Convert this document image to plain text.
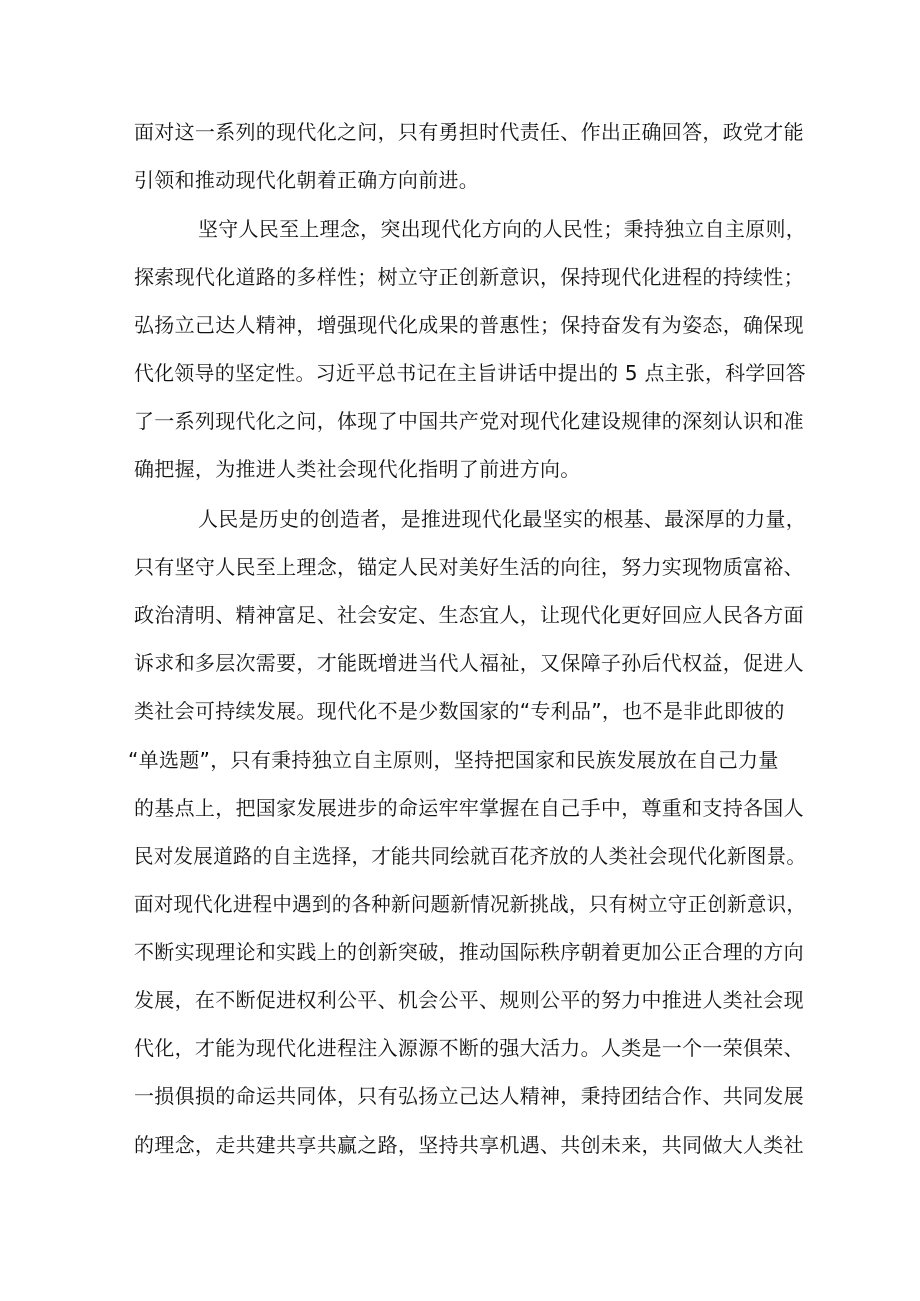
面对这一系列的现代化之问，只有勇担时代责任、作出正确回答，政党才能
引领和推动现代化朝着正确方向前进。
坚守人民至上理念，突出现代化方向的人民性；秉持独立自主原则，
探索现代化道路的多样性；树立守正创新意识，保持现代化进程的持续性；
弘扬立己达人精神，增强现代化成果的普惠性；保持奋发有为姿态，确保现
代化领导的坚定性。习近平总书记在主旨讲话中提出的 5 点主张，科学回答
了一系列现代化之问，体现了中国共产党对现代化建设规律的深刻认识和准
确把握，为推进人类社会现代化指明了前进方向。
人民是历史的创造者，是推进现代化最坚实的根基、最深厚的力量，
只有坚守人民至上理念，锚定人民对美好生活的向往，努力实现物质富裕、
政治清明、精神富足、社会安定、生态宜人，让现代化更好回应人民各方面
诉求和多层次需要，才能既增进当代人福祉，又保障子孙后代权益，促进人
类社会可持续发展。现代化不是少数国家的“专利品”，也不是非此即彼的
“单选题”，只有秉持独立自主原则，坚持把国家和民族发展放在自己力量
的基点上，把国家发展进步的命运牢牢掌握在自己手中，尊重和支持各国人
民对发展道路的自主选择，才能共同绘就百花齐放的人类社会现代化新图景。
面对现代化进程中遇到的各种新问题新情况新挑战，只有树立守正创新意识，
不断实现理论和实践上的创新突破，推动国际秩序朝着更加公正合理的方向
发展，在不断促进权利公平、机会公平、规则公平的努力中推进人类社会现
代化，才能为现代化进程注入源源不断的强大活力。人类是一个一荣俱荣、
一损俱损的命运共同体，只有弘扬立己达人精神，秉持团结合作、共同发展
的理念，走共建共享共赢之路，坚持共享机遇、共创未来，共同做大人类社
